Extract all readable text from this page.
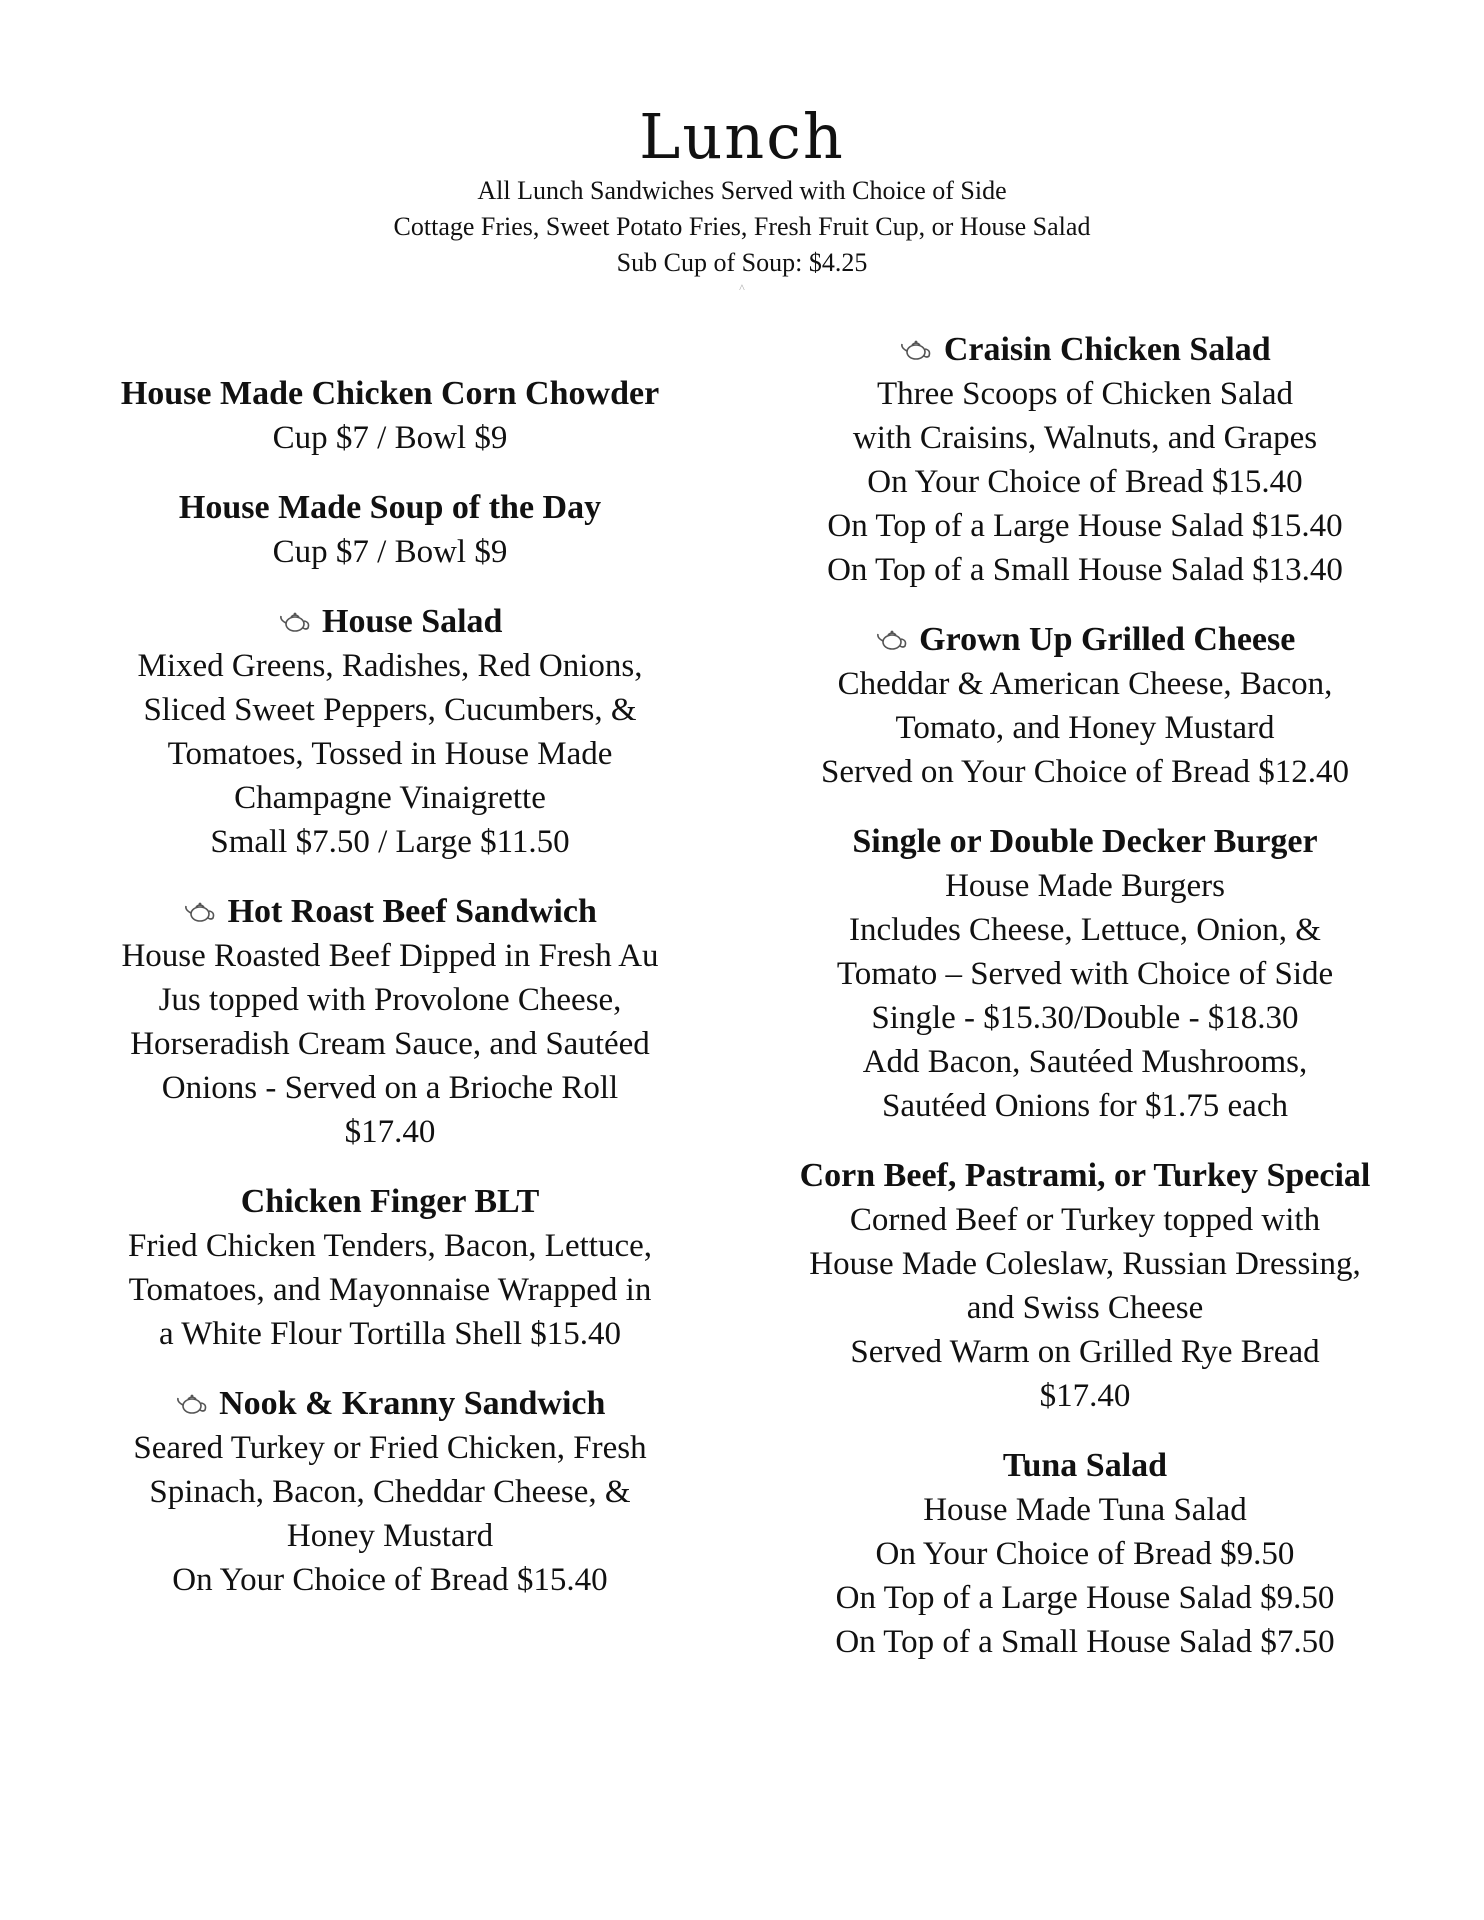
Lunch
All Lunch Sandwiches Served with Choice of Side
Cottage Fries, Sweet Potato Fries, Fresh Fruit Cup, or House Salad
Sub Cup of Soup: $4.25
^
House Made Chicken Corn Chowder
Cup $7 / Bowl $9
House Made Soup of the Day
Cup $7 / Bowl $9
House Salad
Mixed Greens, Radishes, Red Onions,
Sliced Sweet Peppers, Cucumbers, &
Tomatoes, Tossed in House Made
Champagne Vinaigrette
Small $7.50 / Large $11.50
Hot Roast Beef Sandwich
House Roasted Beef Dipped in Fresh Au
Jus topped with Provolone Cheese,
Horseradish Cream Sauce, and Sautéed
Onions - Served on a Brioche Roll
$17.40
Chicken Finger BLT
Fried Chicken Tenders, Bacon, Lettuce,
Tomatoes, and Mayonnaise Wrapped in
a White Flour Tortilla Shell $15.40
Nook & Kranny Sandwich
Seared Turkey or Fried Chicken, Fresh
Spinach, Bacon, Cheddar Cheese, &
Honey Mustard
On Your Choice of Bread $15.40
Craisin Chicken Salad
Three Scoops of Chicken Salad
with Craisins, Walnuts, and Grapes
On Your Choice of Bread $15.40
On Top of a Large House Salad $15.40
On Top of a Small House Salad $13.40
Grown Up Grilled Cheese
Cheddar & American Cheese, Bacon,
Tomato, and Honey Mustard
Served on Your Choice of Bread $12.40
Single or Double Decker Burger
House Made Burgers
Includes Cheese, Lettuce, Onion, &
Tomato – Served with Choice of Side
Single - $15.30/Double - $18.30
Add Bacon, Sautéed Mushrooms,
Sautéed Onions for $1.75 each
Corn Beef, Pastrami, or Turkey Special
Corned Beef or Turkey topped with
House Made Coleslaw, Russian Dressing,
and Swiss Cheese
Served Warm on Grilled Rye Bread
$17.40
Tuna Salad
House Made Tuna Salad
On Your Choice of Bread $9.50
On Top of a Large House Salad $9.50
On Top of a Small House Salad $7.50
